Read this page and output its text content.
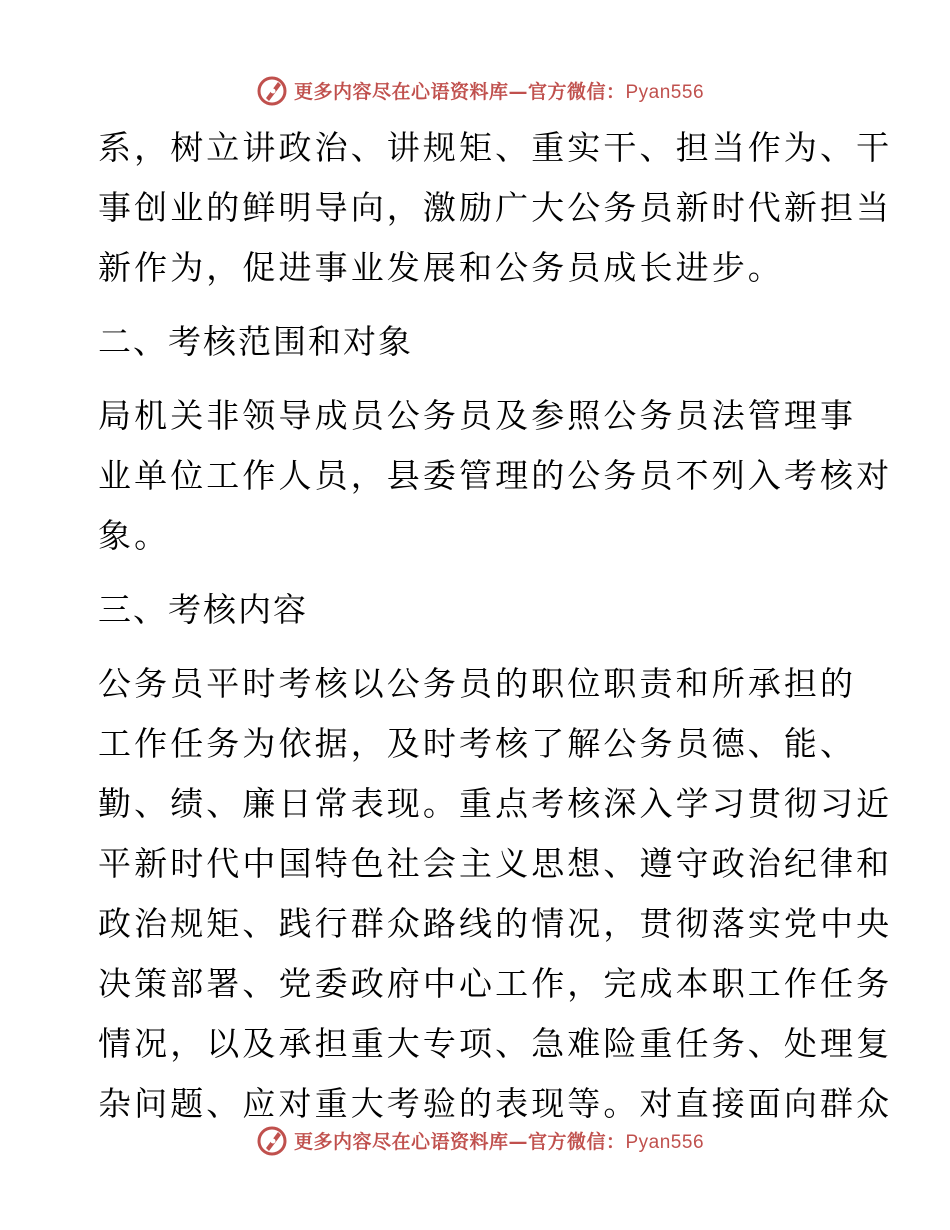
更多内容尽在心语资料库—官方微信：Pyan556
系，树立讲政治、讲规矩、重实干、担当作为、干
事创业的鲜明导向，激励广大公务员新时代新担当
新作为，促进事业发展和公务员成长进步。
二、考核范围和对象
局机关非领导成员公务员及参照公务员法管理事
业单位工作人员，县委管理的公务员不列入考核对
象。
三、考核内容
公务员平时考核以公务员的职位职责和所承担的
工作任务为依据，及时考核了解公务员德、能、
勤、绩、廉日常表现。重点考核深入学习贯彻习近
平新时代中国特色社会主义思想、遵守政治纪律和
政治规矩、践行群众路线的情况，贯彻落实党中央
决策部署、党委政府中心工作，完成本职工作任务
情况，以及承担重大专项、急难险重任务、处理复
杂问题、应对重大考验的表现等。对直接面向群众
更多内容尽在心语资料库—官方微信：Pyan556
